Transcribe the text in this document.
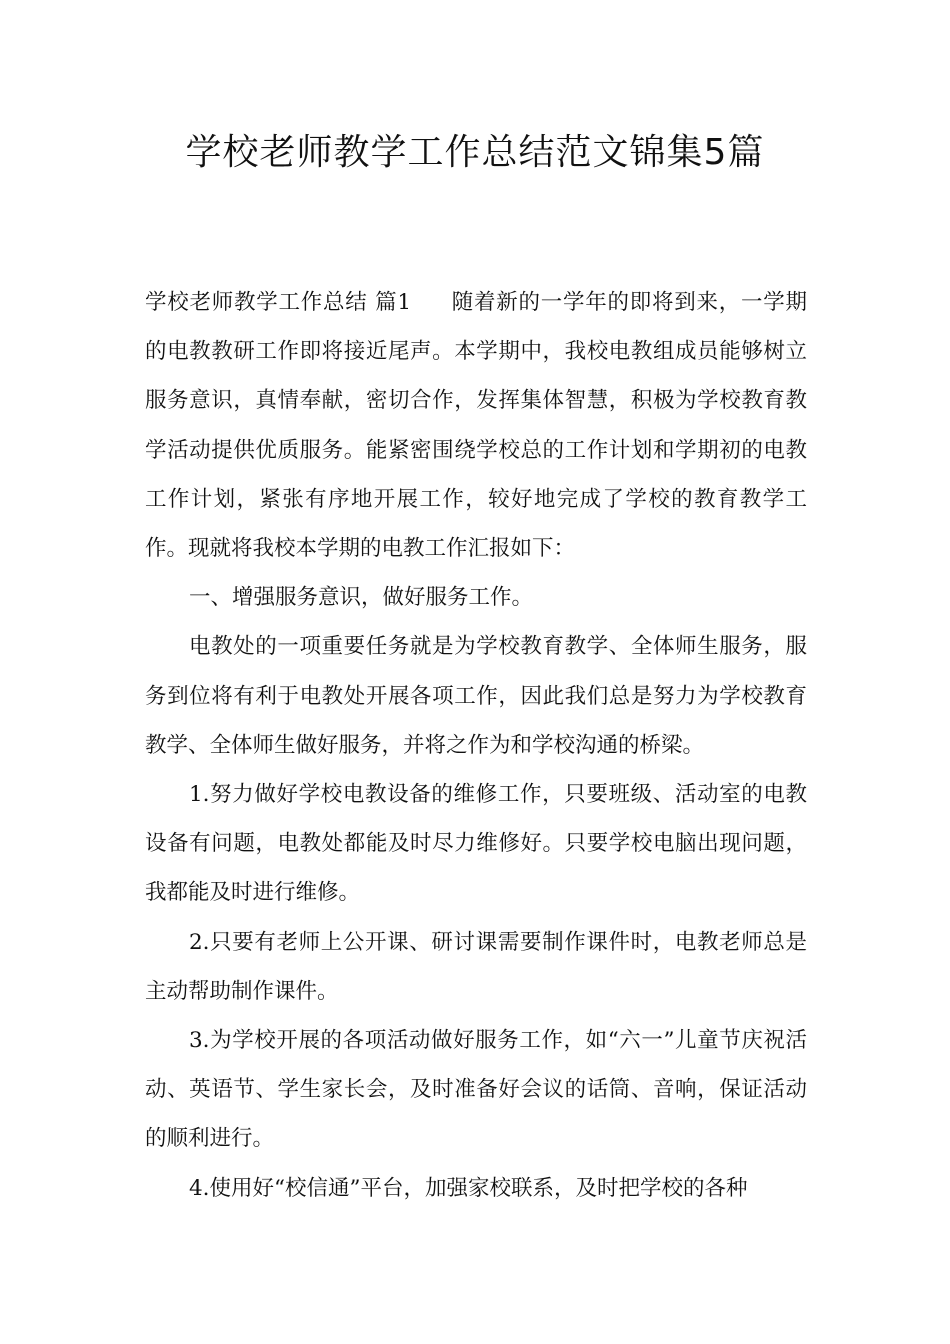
学校老师教学工作总结范文锦集5篇

学校老师教学工作总结 篇1 随着新的一学年的即将到来，一学期的电教教研工作即将接近尾声。本学期中，我校电教组成员能够树立服务意识，真情奉献，密切合作，发挥集体智慧，积极为学校教育教学活动提供优质服务。能紧密围绕学校总的工作计划和学期初的电教工作计划，紧张有序地开展工作，较好地完成了学校的教育教学工作。现就将我校本学期的电教工作汇报如下：

一、增强服务意识，做好服务工作。

电教处的一项重要任务就是为学校教育教学、全体师生服务，服务到位将有利于电教处开展各项工作，因此我们总是努力为学校教育教学、全体师生做好服务，并将之作为和学校沟通的桥梁。

1.努力做好学校电教设备的维修工作，只要班级、活动室的电教设备有问题，电教处都能及时尽力维修好。只要学校电脑出现问题，我都能及时进行维修。

2.只要有老师上公开课、研讨课需要制作课件时，电教老师总是主动帮助制作课件。

3.为学校开展的各项活动做好服务工作，如“六一”儿童节庆祝活动、英语节、学生家长会，及时准备好会议的话筒、音响，保证活动的顺利进行。

4.使用好“校信通”平台，加强家校联系，及时把学校的各种
